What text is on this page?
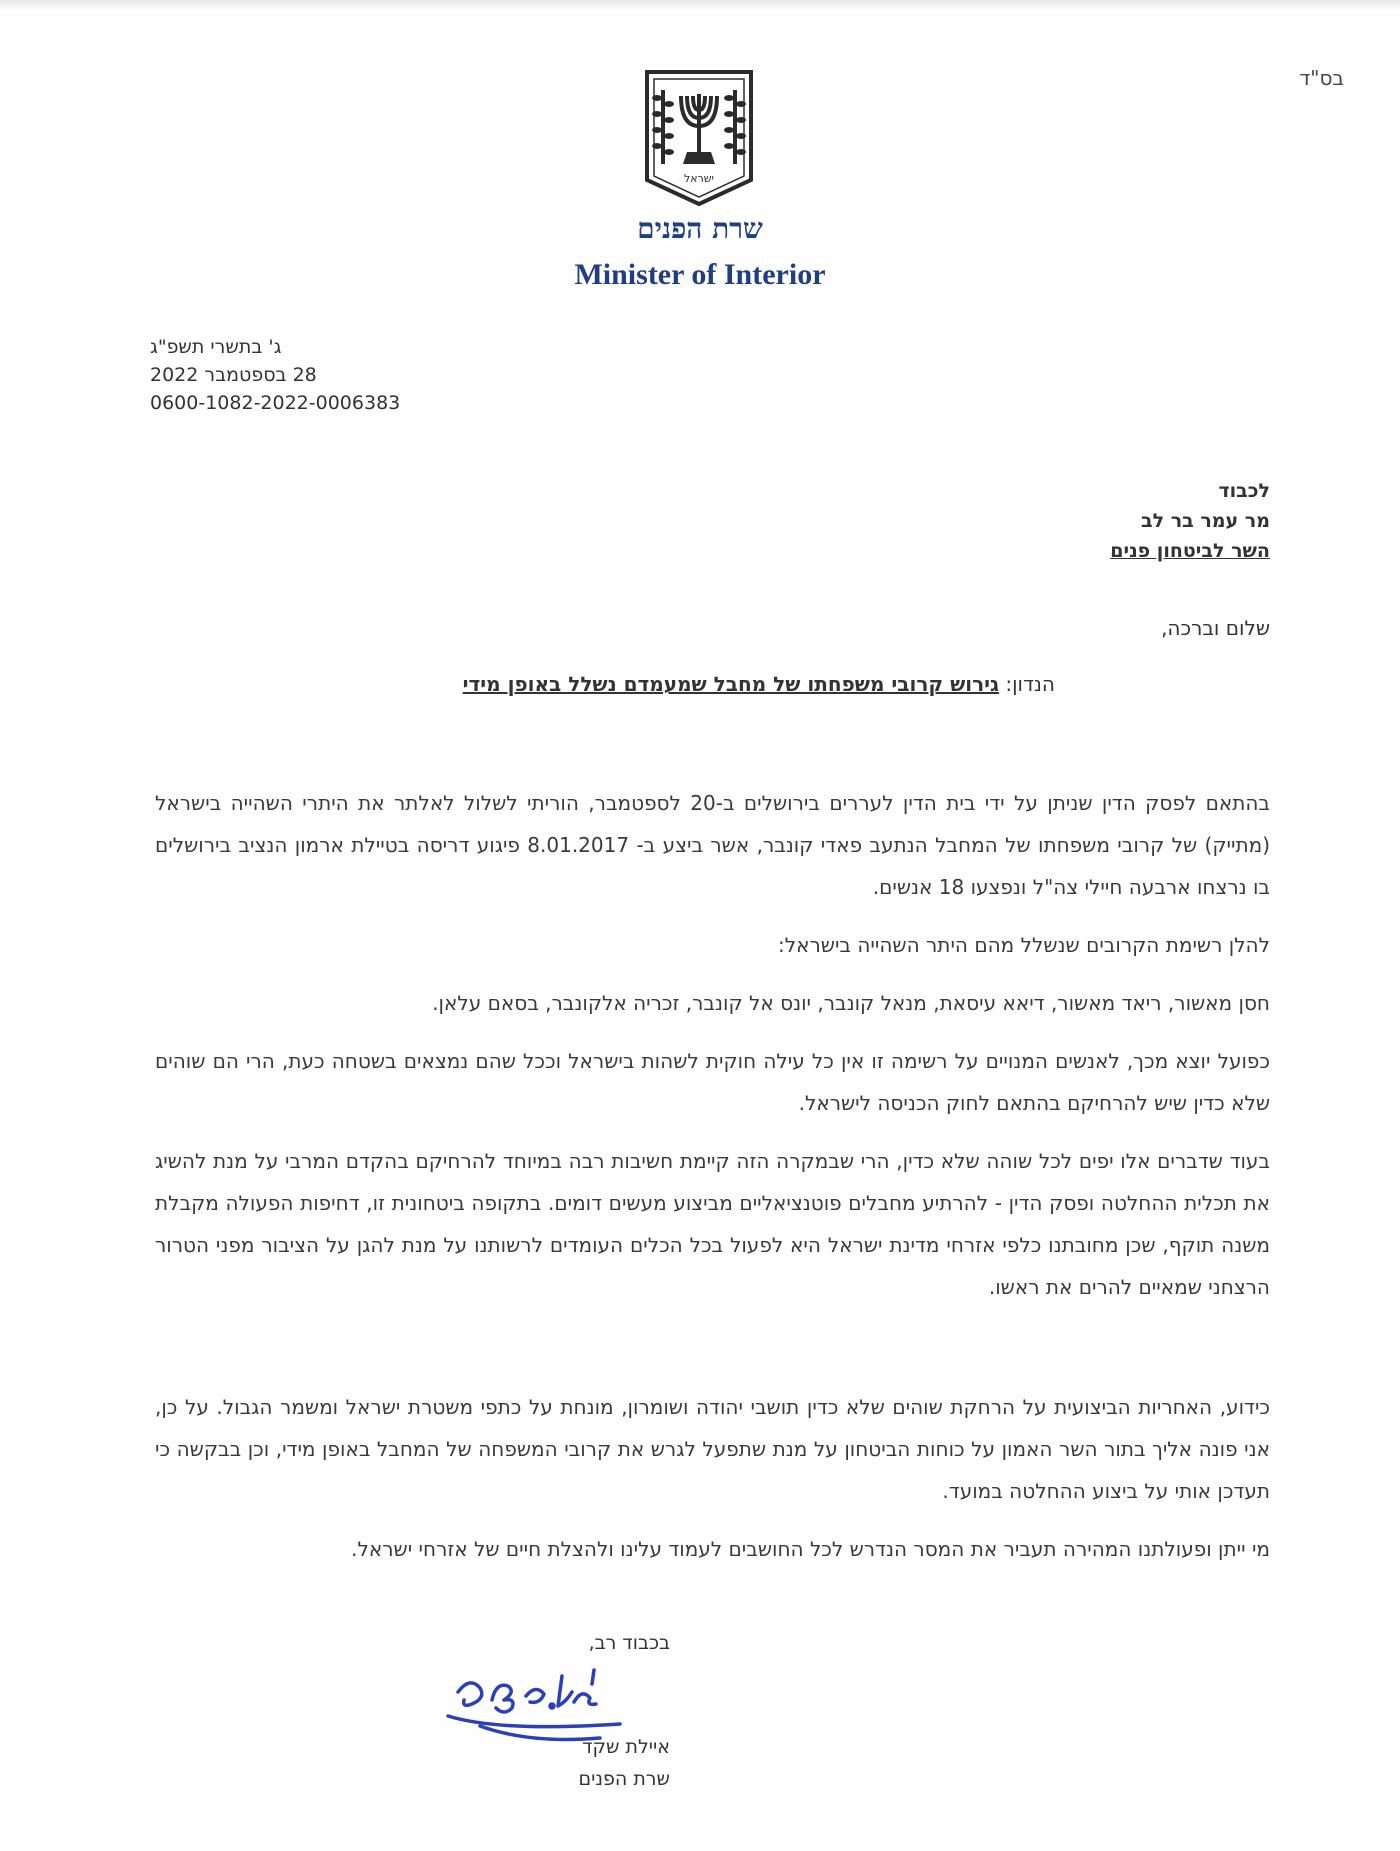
בס"ד
ישראל
שרת הפנים
Minister of Interior
ג' בתשרי תשפ"ג
28 בספטמבר 2022
0600-1082-2022-0006383
לכבוד
מר עמר בר לב
השר לביטחון פנים
שלום וברכה,
הנדון: גירוש קרובי משפחתו של מחבל שמעמדם נשלל באופן מידי

בהתאם לפסק הדין שניתן על ידי בית הדין לעררים בירושלים ב-20 לספטמבר, הוריתי לשלול לאלתר את היתרי השהייה בישראל (מתייק) של קרובי משפחתו של המחבל הנתעב פאדי קונבר, אשר ביצע ב- 8.01.2017 פיגוע דריסה בטיילת ארמון הנציב בירושלים בו נרצחו ארבעה חיילי צה"ל ונפצעו 18 אנשים.

להלן רשימת הקרובים שנשלל מהם היתר השהייה בישראל:

חסן מאשור, ריאד מאשור, דיאא עיסאת, מנאל קונבר, יונס אל קונבר, זכריה אלקונבר, בסאם עלאן.

כפועל יוצא מכך, לאנשים המנויים על רשימה זו אין כל עילה חוקית לשהות בישראל וככל שהם נמצאים בשטחה כעת, הרי הם שוהים שלא כדין שיש להרחיקם בהתאם לחוק הכניסה לישראל.

בעוד שדברים אלו יפים לכל שוהה שלא כדין, הרי שבמקרה הזה קיימת חשיבות רבה במיוחד להרחיקם בהקדם המרבי על מנת להשיג את תכלית ההחלטה ופסק הדין - להרתיע מחבלים פוטנציאליים מביצוע מעשים דומים. בתקופה ביטחונית זו, דחיפות הפעולה מקבלת משנה תוקף, שכן מחובתנו כלפי אזרחי מדינת ישראל היא לפעול בכל הכלים העומדים לרשותנו על מנת להגן על הציבור מפני הטרור הרצחני שמאיים להרים את ראשו.

כידוע, האחריות הביצועית על הרחקת שוהים שלא כדין תושבי יהודה ושומרון, מונחת על כתפי משטרת ישראל ומשמר הגבול. על כן, אני פונה אליך בתור השר האמון על כוחות הביטחון על מנת שתפעל לגרש את קרובי המשפחה של המחבל באופן מידי, וכן בבקשה כי תעדכן אותי על ביצוע ההחלטה במועד.

מי ייתן ופעולתנו המהירה תעביר את המסר הנדרש לכל החושבים לעמוד עלינו ולהצלת חיים של אזרחי ישראל.

בכבוד רב,
איילת שקד
שרת הפנים
